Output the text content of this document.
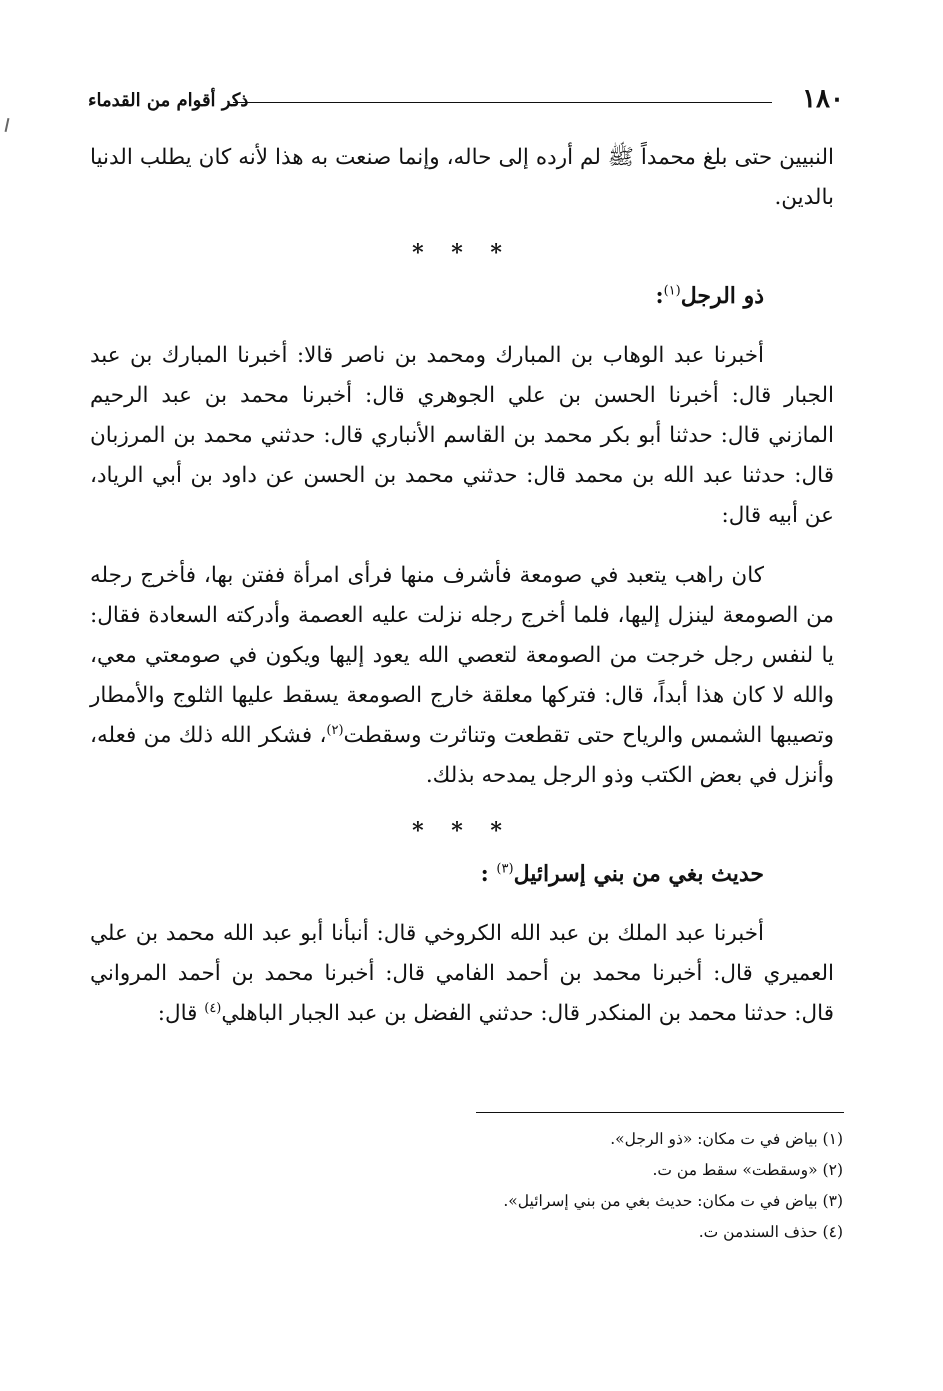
١٨٠
ذكر أقوام من القدماء

النبيين حتى بلغ محمداً ﷺ لم أرده إلى حاله، وإنما صنعت به هذا لأنه كان يطلب الدنيا بالدين.

* * *

ذو الرجل$^{(١)}$:

أخبرنا عبد الوهاب بن المبارك ومحمد بن ناصر قالا: أخبرنا المبارك بن عبد الجبار قال: أخبرنا الحسن بن علي الجوهري قال: أخبرنا محمد بن عبد الرحيم المازني قال: حدثنا أبو بكر محمد بن القاسم الأنباري قال: حدثني محمد بن المرزبان قال: حدثنا عبد الله بن محمد قال: حدثني محمد بن الحسن عن داود بن أبي الرياد، عن أبيه قال:

كان راهب يتعبد في صومعة فأشرف منها فرأى امرأة ففتن بها، فأخرج رجله من الصومعة لينزل إليها، فلما أخرج رجله نزلت عليه العصمة وأدركته السعادة فقال: يا لنفس رجل خرجت من الصومعة لتعصي الله يعود إليها ويكون في صومعتي معي، والله لا كان هذا أبداً، قال: فتركها معلقة خارج الصومعة يسقط عليها الثلوج والأمطار وتصيبها الشمس والرياح حتى تقطعت وتناثرت وسقطت$^{(٢)}$، فشكر الله ذلك من فعله، وأنزل في بعض الكتب وذو الرجل يمدحه بذلك.

* * *

حديث بغي من بني إسرائيل$^{(٣)}$ :

أخبرنا عبد الملك بن عبد الله الكروخي قال: أنبأنا أبو عبد الله محمد بن علي العميري قال: أخبرنا محمد بن أحمد الفامي قال: أخبرنا محمد بن أحمد المرواني قال: حدثنا محمد بن المنكدر قال: حدثني الفضل بن عبد الجبار الباهلي$^{(٤)}$ قال:

(١) بياض في ت مكان: «ذو الرجل».

(٢) «وسقطت» سقط من ت.

(٣) بياض في ت مكان: حديث بغي من بني إسرائيل».

(٤) حذف السندمن ت.
